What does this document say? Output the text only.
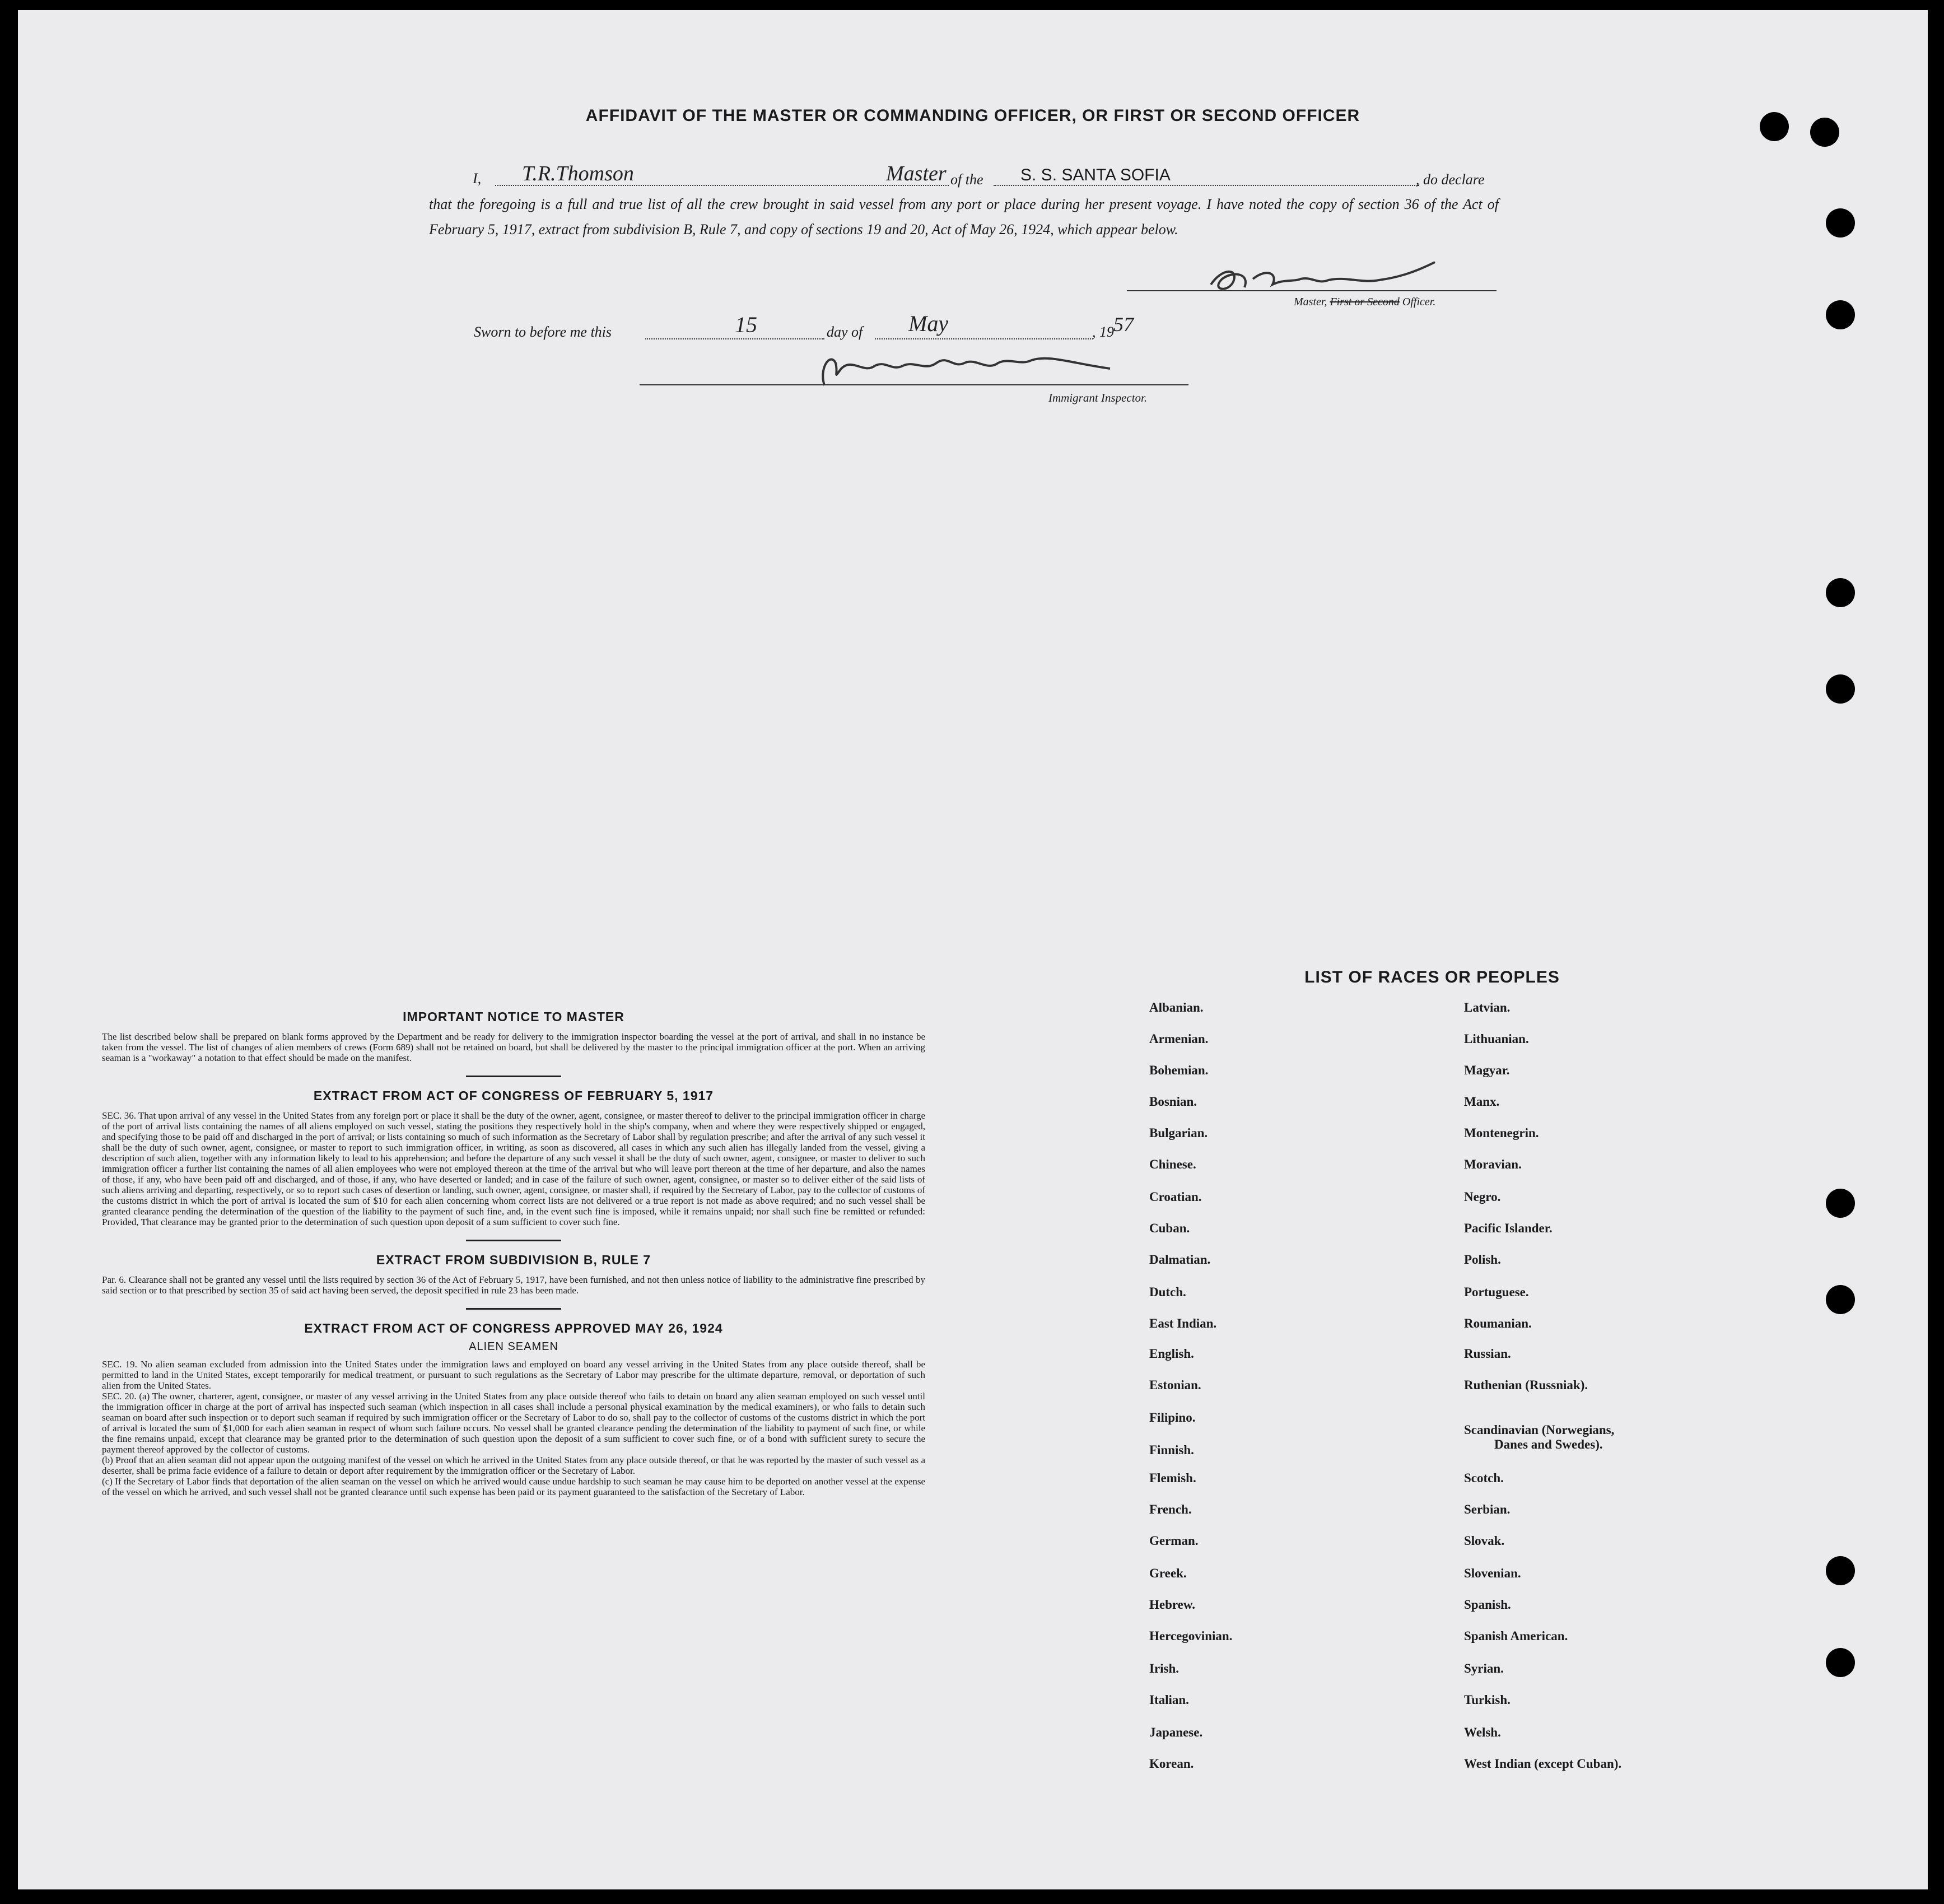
AFFIDAVIT OF THE MASTER OR COMMANDING OFFICER, OR FIRST OR SECOND OFFICER
I, T.R.Thomson	Master of the S. S. SANTA SOFIA	, do declare
that the foregoing is a full and true list of all the crew brought in said vessel from any port or place during her present voyage. I have noted the copy of section 36 of the Act of February 5, 1917, extract from subdivision B, Rule 7, and copy of sections 19 and 20, Act of May 26, 1924, which appear below.
Master, First or Second Officer.
Sworn to before me this	15	day of May	, 19 57
Immigrant Inspector.
IMPORTANT NOTICE TO MASTER
The list described below shall be prepared on blank forms approved by the Department and be ready for delivery to the immigration inspector boarding the vessel at the port of arrival, and shall in no instance be taken from the vessel. The list of changes of alien members of crews (Form 689) shall not be retained on board, but shall be delivered by the master to the principal immigration officer at the port. When an arriving seaman is a "workaway" a notation to that effect should be made on the manifest.
EXTRACT FROM ACT OF CONGRESS OF FEBRUARY 5, 1917
SEC. 36. That upon arrival of any vessel in the United States from any foreign port or place it shall be the duty of the owner, agent, consignee, or master thereof to deliver to the principal immigration officer in charge of the port of arrival lists containing the names of all aliens employed on such vessel, stating the positions they respectively hold in the ship's company, when and where they were respectively shipped or engaged, and specifying those to be paid off and discharged in the port of arrival; or lists containing so much of such information as the Secretary of Labor shall by regulation prescribe; and after the arrival of any such vessel it shall be the duty of such owner, agent, consignee, or master to report to such immigration officer, in writing, as soon as discovered, all cases in which any such alien has illegally landed from the vessel, giving a description of such alien, together with any information likely to lead to his apprehension; and before the departure of any such vessel it shall be the duty of such owner, agent, consignee, or master to deliver to such immigration officer a further list containing the names of all alien employees who were not employed thereon at the time of the arrival but who will leave port thereon at the time of her departure, and also the names of those, if any, who have been paid off and discharged, and of those, if any, who have deserted or landed; and in case of the failure of such owner, agent, consignee, or master so to deliver either of the said lists of such aliens arriving and departing, respectively, or so to report such cases of desertion or landing, such owner, agent, consignee, or master shall, if required by the Secretary of Labor, pay to the collector of customs of the customs district in which the port of arrival is located the sum of $10 for each alien concerning whom correct lists are not delivered or a true report is not made as above required; and no such vessel shall be granted clearance pending the determination of the question of the liability to the payment of such fine, and, in the event such fine is imposed, while it remains unpaid; nor shall such fine be remitted or refunded: Provided, That clearance may be granted prior to the determination of such question upon deposit of a sum sufficient to cover such fine.
EXTRACT FROM SUBDIVISION B, RULE 7
Par. 6. Clearance shall not be granted any vessel until the lists required by section 36 of the Act of February 5, 1917, have been furnished, and not then unless notice of liability to the administrative fine prescribed by said section or to that prescribed by section 35 of said act having been served, the deposit specified in rule 23 has been made.
EXTRACT FROM ACT OF CONGRESS APPROVED MAY 26, 1924
ALIEN SEAMEN
SEC. 19. No alien seaman excluded from admission into the United States under the immigration laws and employed on board any vessel arriving in the United States from any place outside thereof, shall be permitted to land in the United States, except temporarily for medical treatment, or pursuant to such regulations as the Secretary of Labor may prescribe for the ultimate departure, removal, or deportation of such alien from the United States.
SEC. 20. (a) The owner, charterer, agent, consignee, or master of any vessel arriving in the United States from any place outside thereof who fails to detain on board any alien seaman employed on such vessel until the immigration officer in charge at the port of arrival has inspected such seaman (which inspection in all cases shall include a personal physical examination by the medical examiners), or who fails to detain such seaman on board after such inspection or to deport such seaman if required by such immigration officer or the Secretary of Labor to do so, shall pay to the collector of customs of the customs district in which the port of arrival is located the sum of $1,000 for each alien seaman in respect of whom such failure occurs. No vessel shall be granted clearance pending the determination of the liability to payment of such fine, or while the fine remains unpaid, except that clearance may be granted prior to the determination of such question upon the deposit of a sum sufficient to cover such fine, or of a bond with sufficient surety to secure the payment thereof approved by the collector of customs.
(b) Proof that an alien seaman did not appear upon the outgoing manifest of the vessel on which he arrived in the United States from any place outside thereof, or that he was reported by the master of such vessel as a deserter, shall be prima facie evidence of a failure to detain or deport after requirement by the immigration officer or the Secretary of Labor.
(c) If the Secretary of Labor finds that deportation of the alien seaman on the vessel on which he arrived would cause undue hardship to such seaman he may cause him to be deported on another vessel at the expense of the vessel on which he arrived, and such vessel shall not be granted clearance until such expense has been paid or its payment guaranteed to the satisfaction of the Secretary of Labor.
LIST OF RACES OR PEOPLES
Albanian.
Armenian.
Bohemian.
Bosnian.
Bulgarian.
Chinese.
Croatian.
Cuban.
Dalmatian.
Dutch.
East Indian.
English.
Estonian.
Filipino.
Finnish.
Flemish.
French.
German.
Greek.
Hebrew.
Hercegovinian.
Irish.
Italian.
Japanese.
Korean.
Latvian.
Lithuanian.
Magyar.
Manx.
Montenegrin.
Moravian.
Negro.
Pacific Islander.
Polish.
Portuguese.
Roumanian.
Russian.
Ruthenian (Russniak).
Scandinavian (Norwegians,
Danes and Swedes).
Scotch.
Serbian.
Slovak.
Slovenian.
Spanish.
Spanish American.
Syrian.
Turkish.
Welsh.
West Indian (except Cuban).
